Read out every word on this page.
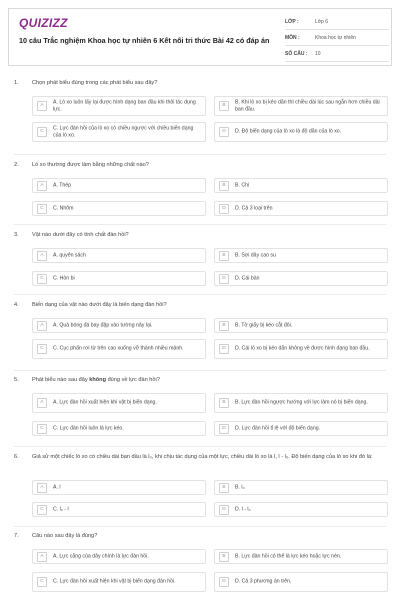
QUIZIZZ
10 câu Trắc nghiệm Khoa học tự nhiên 6 Kết nối tri thức Bài 42 có đáp án
LỚP :	Lớp 6
MÔN :	Khoa học tự nhiên
SỐ CÂU :	10
1. Chọn phát biểu đúng trong các phát biểu sau đây?
A
A. Lò xo luôn lấy lại được hình dạng ban đầu khi thôi tác dụng lực.
B
B. Khi lò xo bị kéo dãn thì chiều dài lúc sau ngắn hơn chiều dài ban đầu.
C
C. Lực đàn hồi của lò xo có chiều ngược với chiều biến dạng của lò xo.
D	D. Độ biến dạng của lò xo là độ dãn của lò xo.
2. Lò xo thường được làm bằng những chất nào?
A	A. Thép	B	B. Chì
C	C. Nhôm	D	D. Cả 3 loại trên
3. Vật nào dưới đây có tính chất đàn hồi?
A	A. quyển sách	B	B. Sợi dây cao su
C	C. Hòn bi	D	D. Cái bàn
4. Biến dạng của vật nào dưới đây là biến dạng đàn hồi?
A	A. Quả bóng đá bay đập vào tường nảy lại.	B	B. Tờ giấy bị kéo cắt đôi.
C	C. Cục phấn rơi từ trên cao xuống vỡ thành nhiều mảnh.	D	D. Cái lò xo bị kéo dãn không về được hình dạng ban đầu.
5. Phát biểu nào sau đây không đúng về lực đàn hồi?
A	A. Lực đàn hồi xuất hiện khi vật bị biến dạng.	B	B. Lực đàn hồi ngược hướng với lực làm nó bị biến dạng.
C	C. Lực đàn hồi luôn là lực kéo.	D	D. Lực đàn hồi tỉ lệ với độ biến dạng.
6. Giả sử một chiếc lò xo có chiều dài ban đầu là l₀, khi chịu tác dụng của một lực, chiều dài lò xo là l, l - l₀. Độ biến dạng của lò xo khi đó là:
A	A. l	B	B. l₀
C	C. l₀ - l	D	D. l - l₀
7. Câu nào sau đây là đúng?
A	A. Lực căng của dây chính là lực đàn hồi.	B	B. Lực đàn hồi có thể là lực kéo hoặc lực nén.
C	C. Lực đàn hồi xuất hiện khi vật bị biến dạng đàn hồi.	D	D. Cả 3 phương án trên.
